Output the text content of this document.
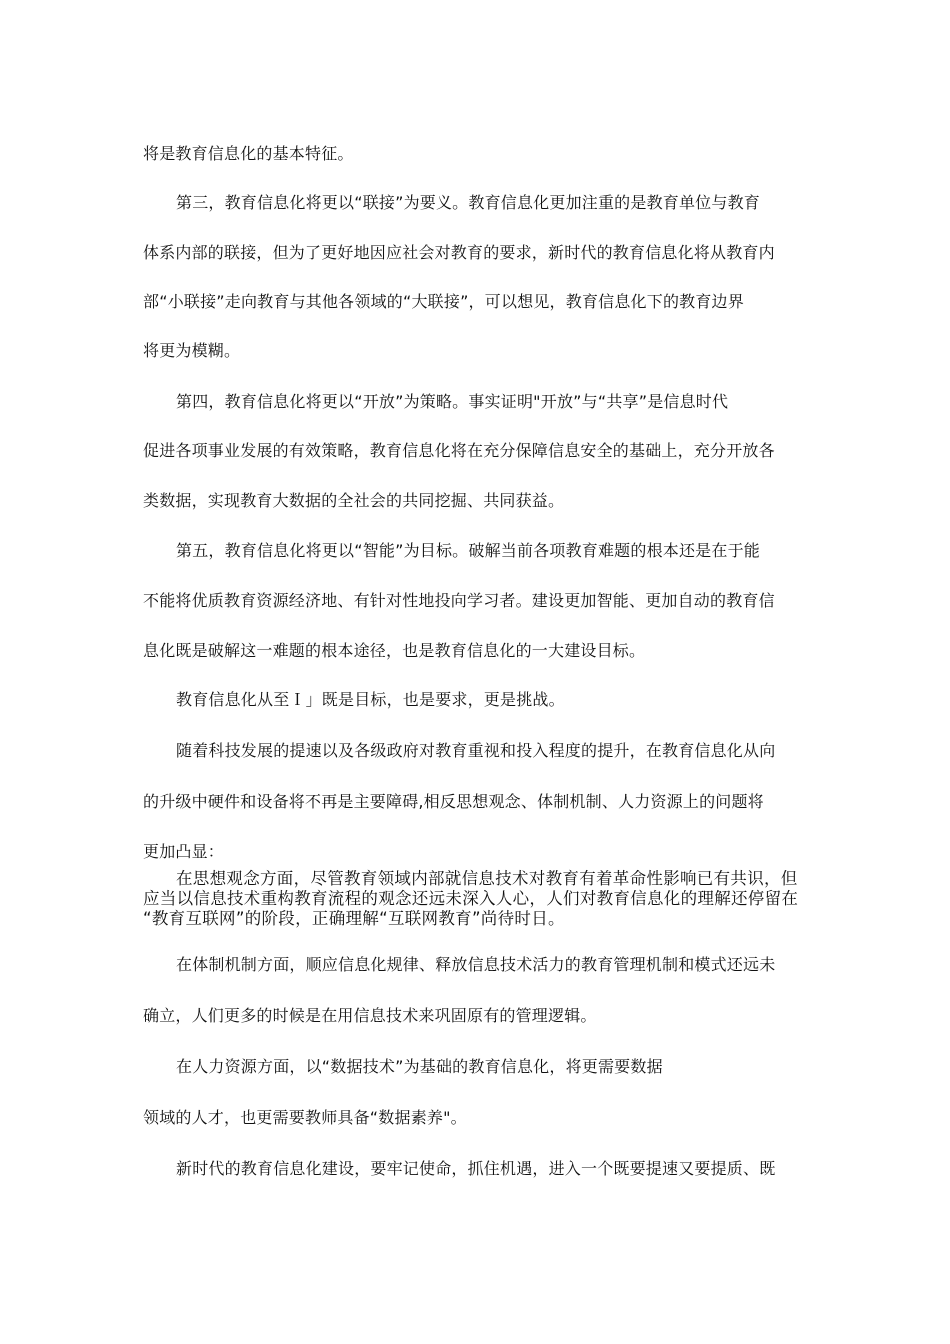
将是教育信息化的基本特征。
第三，教育信息化将更以“联接”为要义。教育信息化更加注重的是教育单位与教育
体系内部的联接，但为了更好地因应社会对教育的要求，新时代的教育信息化将从教育内
部“小联接”走向教育与其他各领域的“大联接”，可以想见，教育信息化下的教育边界
将更为模糊。
第四，教育信息化将更以“开放”为策略。事实证明"开放”与“共享”是信息时代
促进各项事业发展的有效策略，教育信息化将在充分保障信息安全的基础上，充分开放各
类数据，实现教育大数据的全社会的共同挖掘、共同获益。
第五，教育信息化将更以“智能”为目标。破解当前各项教育难题的根本还是在于能
不能将优质教育资源经济地、有针对性地投向学习者。建设更加智能、更加自动的教育信
息化既是破解这一难题的根本途径，也是教育信息化的一大建设目标。
教育信息化从至Ｉ」既是目标，也是要求，更是挑战。
随着科技发展的提速以及各级政府对教育重视和投入程度的提升，在教育信息化从向
的升级中硬件和设备将不再是主要障碍,相反思想观念、体制机制、人力资源上的问题将
更加凸显：
在思想观念方面，尽管教育领域内部就信息技术对教育有着革命性影响已有共识，但
应当以信息技术重构教育流程的观念还远未深入人心，人们对教育信息化的理解还停留在
“教育互联网”的阶段，正确理解“互联网教育”尚待时日。
在体制机制方面，顺应信息化规律、释放信息技术活力的教育管理机制和模式还远未
确立，人们更多的时候是在用信息技术来巩固原有的管理逻辑。
在人力资源方面，以“数据技术”为基础的教育信息化，将更需要数据
领域的人才，也更需要教师具备“数据素养"。
新时代的教育信息化建设，要牢记使命，抓住机遇，进入一个既要提速又要提质、既
